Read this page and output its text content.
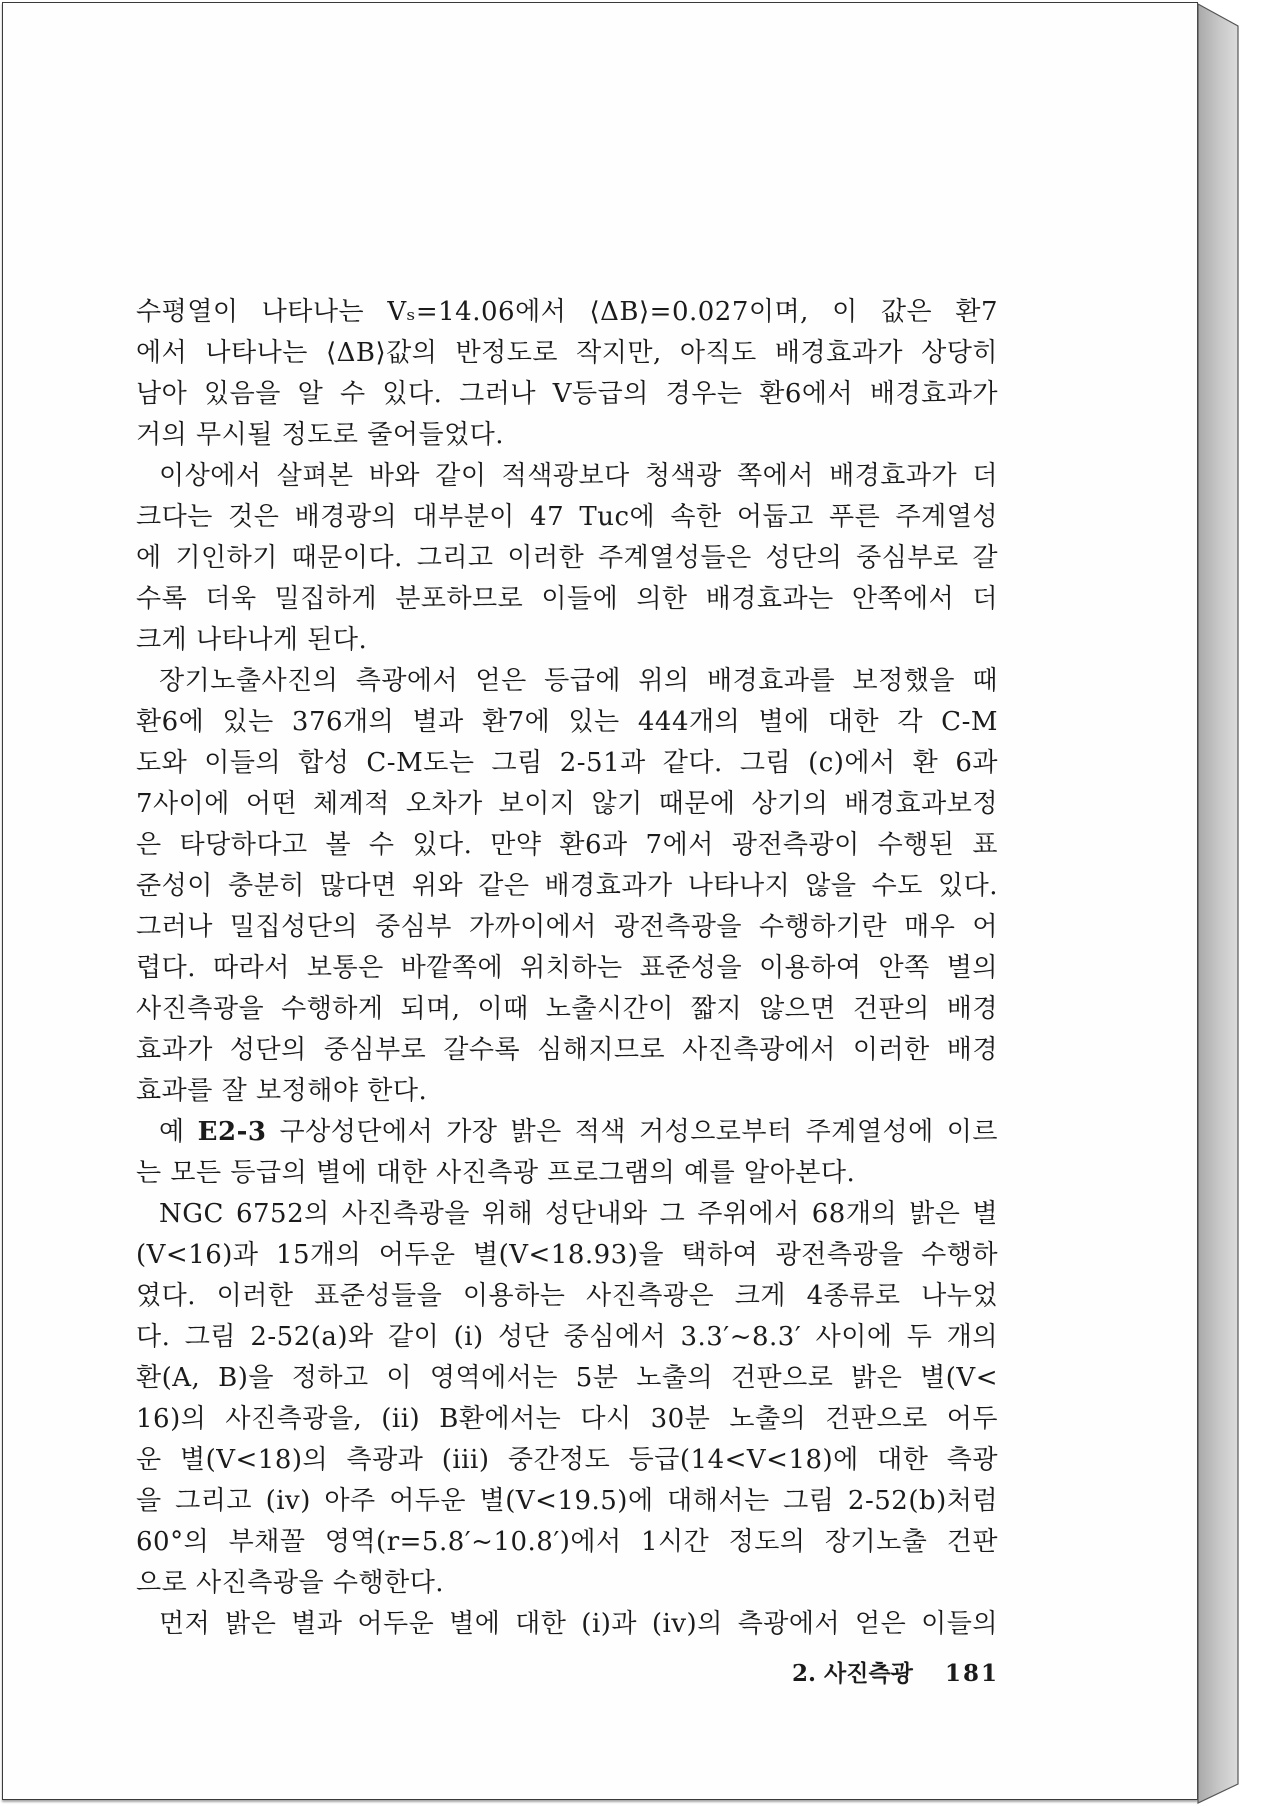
수평열이 나타나는 Vₛ=14.06에서 ⟨ΔB⟩=0.027이며, 이 값은 환7
에서 나타나는 ⟨ΔB⟩값의 반정도로 작지만, 아직도 배경효과가 상당히
남아 있음을 알 수 있다. 그러나 V등급의 경우는 환6에서 배경효과가
거의 무시될 정도로 줄어들었다.
이상에서 살펴본 바와 같이 적색광보다 청색광 쪽에서 배경효과가 더
크다는 것은 배경광의 대부분이 47 Tuc에 속한 어둡고 푸른 주계열성
에 기인하기 때문이다. 그리고 이러한 주계열성들은 성단의 중심부로 갈
수록 더욱 밀집하게 분포하므로 이들에 의한 배경효과는 안쪽에서 더
크게 나타나게 된다.
장기노출사진의 측광에서 얻은 등급에 위의 배경효과를 보정했을 때
환6에 있는 376개의 별과 환7에 있는 444개의 별에 대한 각 C-M
도와 이들의 합성 C-M도는 그림 2-51과 같다. 그림 (c)에서 환 6과
7사이에 어떤 체계적 오차가 보이지 않기 때문에 상기의 배경효과보정
은 타당하다고 볼 수 있다. 만약 환6과 7에서 광전측광이 수행된 표
준성이 충분히 많다면 위와 같은 배경효과가 나타나지 않을 수도 있다.
그러나 밀집성단의 중심부 가까이에서 광전측광을 수행하기란 매우 어
렵다. 따라서 보통은 바깥쪽에 위치하는 표준성을 이용하여 안쪽 별의
사진측광을 수행하게 되며, 이때 노출시간이 짧지 않으면 건판의 배경
효과가 성단의 중심부로 갈수록 심해지므로 사진측광에서 이러한 배경
효과를 잘 보정해야 한다.
예 E2-3 구상성단에서 가장 밝은 적색 거성으로부터 주계열성에 이르
는 모든 등급의 별에 대한 사진측광 프로그램의 예를 알아본다.
NGC 6752의 사진측광을 위해 성단내와 그 주위에서 68개의 밝은 별
(V<16)과 15개의 어두운 별(V<18.93)을 택하여 광전측광을 수행하
였다. 이러한 표준성들을 이용하는 사진측광은 크게 4종류로 나누었
다. 그림 2-52(a)와 같이 (i) 성단 중심에서 3.3′~8.3′ 사이에 두 개의
환(A, B)을 정하고 이 영역에서는 5분 노출의 건판으로 밝은 별(V<
16)의 사진측광을, (ii) B환에서는 다시 30분 노출의 건판으로 어두
운 별(V<18)의 측광과 (iii) 중간정도 등급(14<V<18)에 대한 측광
을 그리고 (iv) 아주 어두운 별(V<19.5)에 대해서는 그림 2-52(b)처럼
60°의 부채꼴 영역(r=5.8′~10.8′)에서 1시간 정도의 장기노출 건판
으로 사진측광을 수행한다.
먼저 밝은 별과 어두운 별에 대한 (i)과 (iv)의 측광에서 얻은 이들의
2. 사진측광 181
